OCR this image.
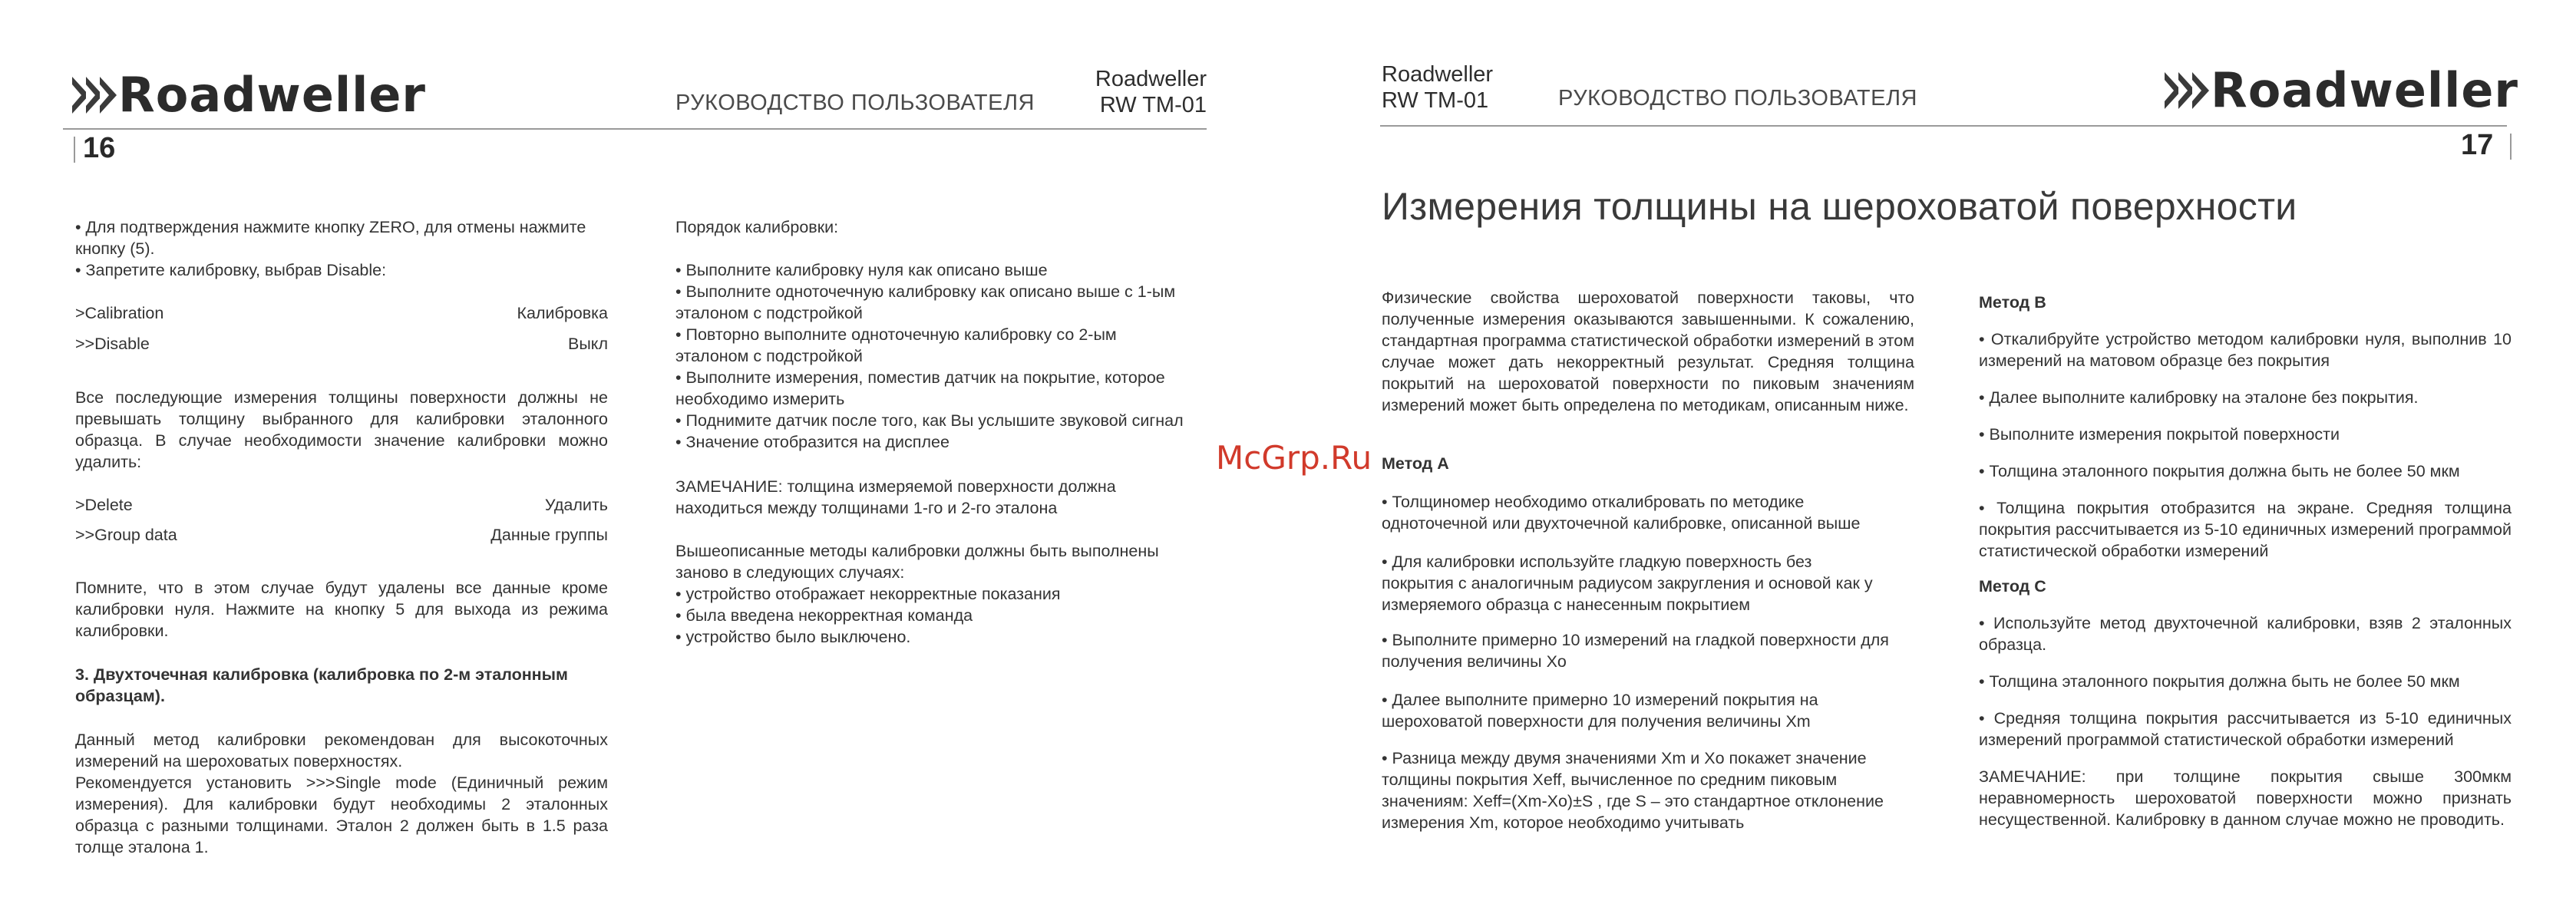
Roadweller	РУКОВОДСТВО ПОЛЬЗОВАТЕЛЯ
Roadweller
RW TM-01
16
• Для подтверждения нажмите кнопку ZERO, для отмены нажмите
кнопку (5).
• Запретите калибровку, выбрав Disable:
>Calibration	Калибровка
>>Disable	Выкл
Все последующие измерения толщины поверхности должны не превышать толщину выбранного для калибровки эталонного образца. В случае необходимости значение калибровки можно удалить:
>Delete	Удалить
>>Group data	Данные группы
Помните, что в этом случае будут удалены все данные кроме калибровки нуля. Нажмите на кнопку 5 для выхода из режима калибровки.
3. Двухточечная калибровка (калибровка по 2-м эталонным образцам).
Данный метод калибровки рекомендован для высокоточных измерений на шероховатых поверхностях.
Рекомендуется установить >>>Single mode (Единичный режим измерения). Для калибровки будут необходимы 2 эталонных образца с разными толщинами. Эталон 2 должен быть в 1.5 раза толще эталона 1.
Порядок калибровки:
• Выполните калибровку нуля как описано выше
• Выполните одноточечную калибровку как описано выше с 1-ым
эталоном с подстройкой
• Повторно выполните одноточечную калибровку со 2-ым
эталоном с подстройкой
• Выполните измерения, поместив датчик на покрытие, которое
необходимо измерить
• Поднимите датчик после того, как Вы услышите звуковой сигнал
• Значение отобразится на дисплее
ЗАМЕЧАНИЕ: толщина измеряемой поверхности должна
находиться между толщинами 1-го и 2-го эталона
Вышеописанные методы калибровки должны быть выполнены
заново в следующих случаях:
• устройство отображает некорректные показания
• была введена некорректная команда
• устройство было выключено.
Roadweller
RW TM-01	РУКОВОДСТВО ПОЛЬЗОВАТЕЛЯ	Roadweller
17
Измерения толщины на шероховатой поверхности
McGrp.Ru
Физические свойства шероховатой поверхности таковы, что полученные измерения оказываются завышенными. К сожалению, стандартная программа статистической обработки измерений в этом случае может дать некорректный результат. Средняя толщина покрытий на шероховатой поверхности по пиковым значениям измерений может быть определена по методикам, описанным ниже.
Метод А
• Толщиномер необходимо откалибровать по методике
одноточечной или двухточечной калибровке, описанной выше
• Для калибровки используйте гладкую поверхность без
покрытия с аналогичным радиусом закругления и основой как у
измеряемого образца с нанесенным покрытием
• Выполните примерно 10 измерений на гладкой поверхности для
получения величины Xo
• Далее выполните примерно 10 измерений покрытия на
шероховатой поверхности для получения величины Xm
• Разница между двумя значениями Xm и Xo покажет значение
толщины покрытия Xeff, вычисленное по средним пиковым
значениям: Xeff=(Xm-Xo)±S , где S – это стандартное отклонение
измерения Xm, которое необходимо учитывать
Метод В
• Откалибруйте устройство методом калибровки нуля, выполнив 10 измерений на матовом образце без покрытия
• Далее выполните калибровку на эталоне без покрытия.
• Выполните измерения покрытой поверхности
• Толщина эталонного покрытия должна быть не более 50 мкм
• Толщина покрытия отобразится на экране. Средняя толщина покрытия рассчитывается из 5-10 единичных измерений программой статистической обработки измерений
Метод С
• Используйте метод двухточечной калибровки, взяв 2 эталонных образца.
• Толщина эталонного покрытия должна быть не более 50 мкм
• Средняя толщина покрытия рассчитывается из 5-10 единичных измерений программой статистической обработки измерений
ЗАМЕЧАНИЕ: при толщине покрытия свыше 300мкм неравномерность шероховатой поверхности можно признать несущественной. Калибровку в данном случае можно не проводить.
